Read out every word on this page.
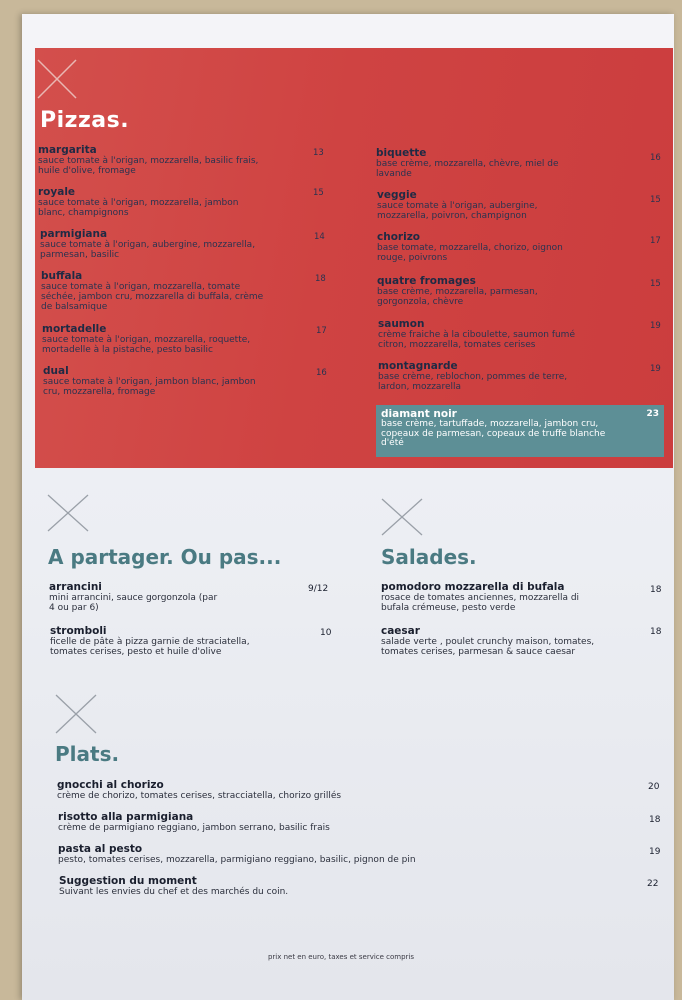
Pizzas.
margarita
sauce tomate à l'origan, mozzarella, basilic frais, huile d'olive, fromage
13
royale
sauce tomate à l'origan, mozzarella, jambon blanc, champignons
15
parmigiana
sauce tomate à l'origan, aubergine, mozzarella, parmesan, basilic
14
buffala
sauce tomate à l'origan, mozzarella, tomate séchée, jambon cru, mozzarella di buffala, crème de balsamique
18
mortadelle
sauce tomate à l'origan, mozzarella, roquette, mortadelle à la pistache, pesto basilic
17
dual
sauce tomate à l'origan, jambon blanc, jambon cru, mozzarella, fromage
16
biquette
base crème, mozzarella, chèvre, miel de lavande
16
veggie
sauce tomate à l'origan, aubergine, mozzarella, poivron, champignon
15
chorizo
base tomate, mozzarella, chorizo, oignon rouge, poivrons
17
quatre fromages
base crème, mozzarella, parmesan, gorgonzola, chèvre
15
saumon
crème fraiche à la ciboulette, saumon fumé citron, mozzarella, tomates cerises
19
montagnarde
base crème, reblochon, pommes de terre, lardon, mozzarella
19
diamant noir
base crème, tartuffade, mozzarella, jambon cru, copeaux de parmesan, copeaux de truffe blanche d'été
23
A partager. Ou pas...
arrancini
mini arrancini, sauce gorgonzola (par 4 ou par 6)
9/12
stromboli
ficelle de pâte à pizza garnie de straciatella, tomates cerises, pesto et huile d'olive
10
Salades.
pomodoro mozzarella di bufala
rosace de tomates anciennes, mozzarella di bufala crémeuse, pesto verde
18
caesar
salade verte , poulet crunchy maison, tomates, tomates cerises, parmesan & sauce caesar
18
Plats.
gnocchi al chorizo
crème de chorizo, tomates cerises, stracciatella, chorizo grillés
20
risotto alla parmigiana
crème de parmigiano reggiano, jambon serrano, basilic frais
18
pasta al pesto
pesto, tomates cerises, mozzarella, parmigiano reggiano, basilic, pignon de pin
19
Suggestion du moment
Suivant les envies du chef et des marchés du coin.
22
prix net en euro, taxes et service compris
